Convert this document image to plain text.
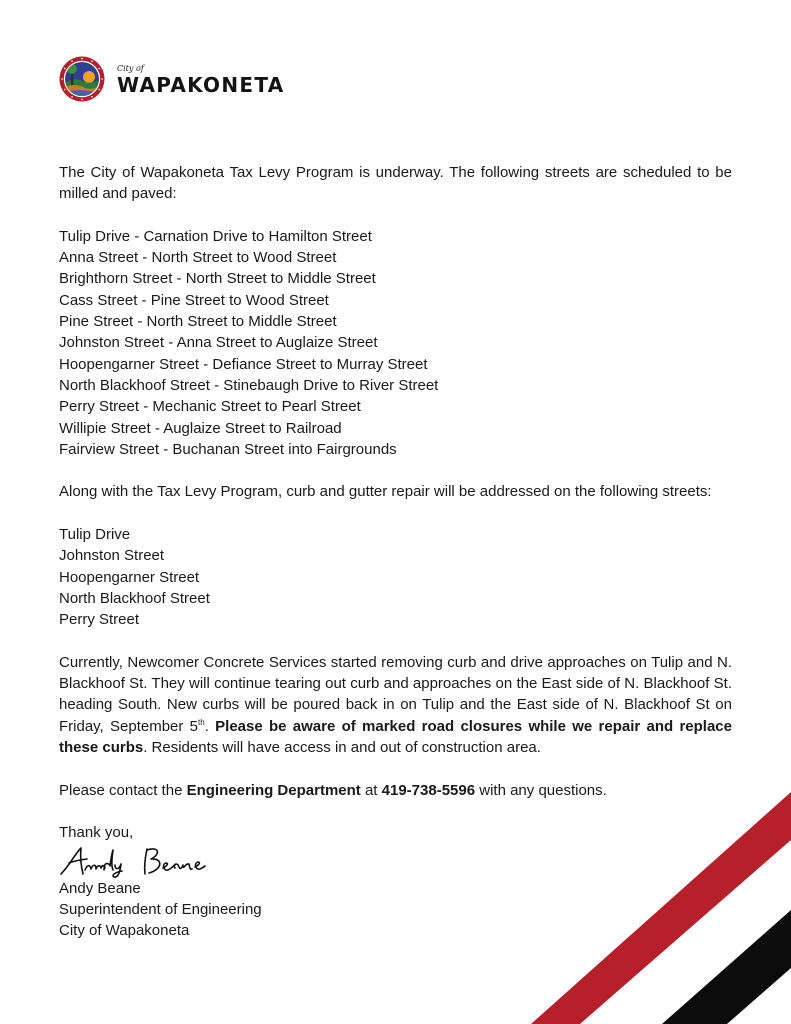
City of
WAPAKONETA

The City of Wapakoneta Tax Levy Program is underway. The following streets are scheduled to be milled and paved:

Tulip Drive - Carnation Drive to Hamilton Street
Anna Street - North Street to Wood Street
Brighthorn Street - North Street to Middle Street
Cass Street - Pine Street to Wood Street
Pine Street - North Street to Middle Street
Johnston Street - Anna Street to Auglaize Street
Hoopengarner Street - Defiance Street to Murray Street
North Blackhoof Street - Stinebaugh Drive to River Street
Perry Street - Mechanic Street to Pearl Street
Willipie Street - Auglaize Street to Railroad
Fairview Street - Buchanan Street into Fairgrounds

Along with the Tax Levy Program, curb and gutter repair will be addressed on the following streets:

Tulip Drive
Johnston Street
Hoopengarner Street
North Blackhoof Street
Perry Street

Currently, Newcomer Concrete Services started removing curb and drive approaches on Tulip and N. Blackhoof St. They will continue tearing out curb and approaches on the East side of N. Blackhoof St. heading South. New curbs will be poured back in on Tulip and the East side of N. Blackhoof St on Friday, September 5th. Please be aware of marked road closures while we repair and replace these curbs. Residents will have access in and out of construction area.

Please contact the Engineering Department at 419-738-5596 with any questions.

Thank you,

Andy Beane
Superintendent of Engineering
City of Wapakoneta
